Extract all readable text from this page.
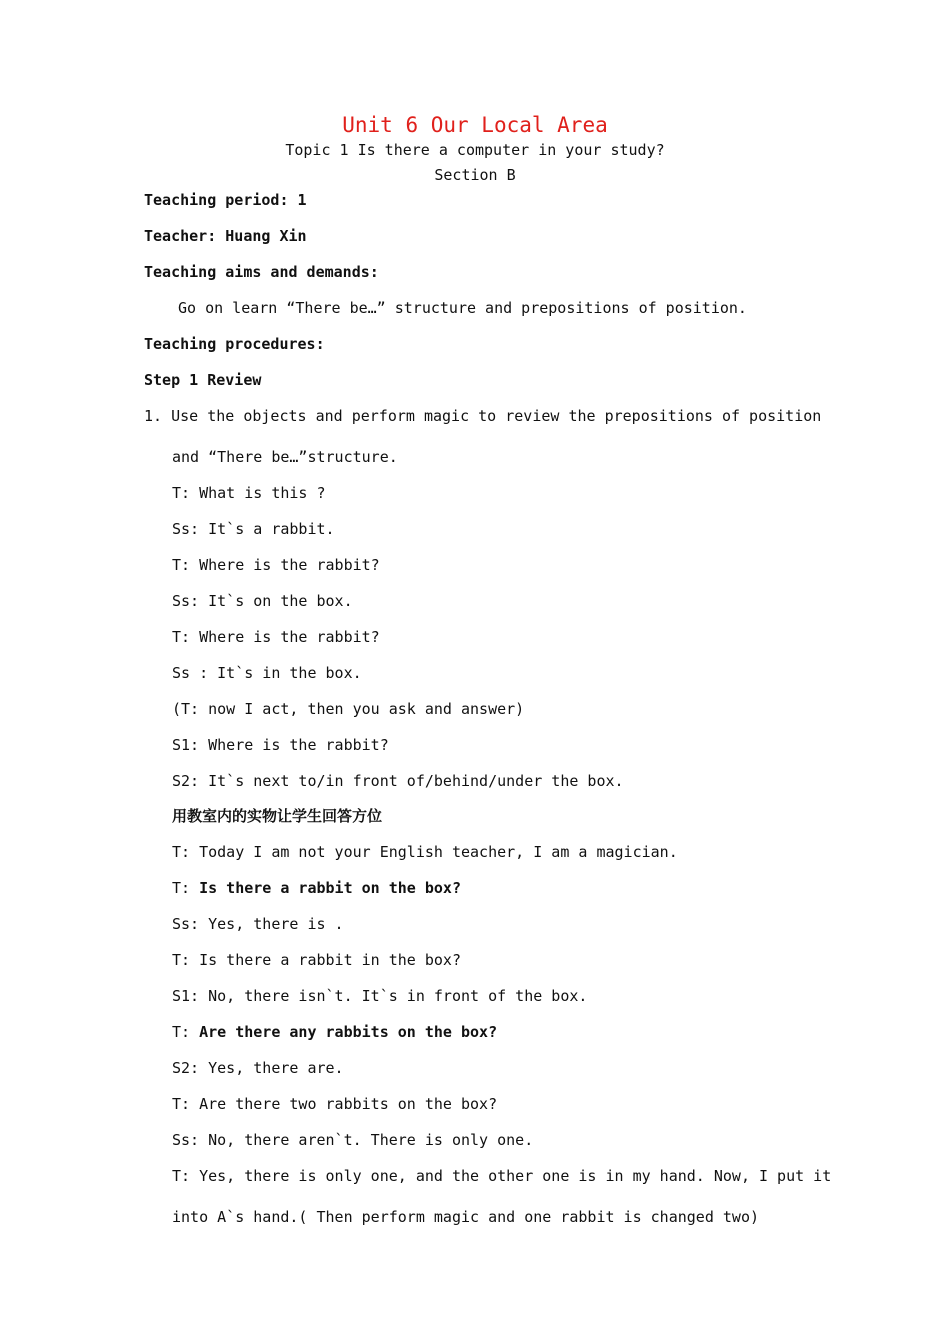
Unit 6 Our Local Area
Topic 1 Is there a computer in your study?
Section B
Teaching period: 1
Teacher: Huang Xin
Teaching aims and demands:
Go on learn “There be…” structure and prepositions of position.
Teaching procedures:
Step 1 Review
1. Use the objects and perform magic to review the prepositions of position
and “There be…”structure.
T: What is this ?
Ss: It`s a rabbit.
T: Where is the rabbit?
Ss: It`s on the box.
T: Where is the rabbit?
Ss : It`s in the box.
(T: now I act, then you ask and answer)
S1: Where is the rabbit?
S2: It`s next to/in front of/behind/under the box.
用教室内的实物让学生回答方位
T: Today I am not your English teacher, I am a magician.
T: Is there a rabbit on the box?
Ss: Yes, there is .
T: Is there a rabbit in the box?
S1: No, there isn`t. It`s in front of the box.
T: Are there any rabbits on the box?
S2: Yes, there are.
T: Are there two rabbits on the box?
Ss: No, there aren`t. There is only one.
T: Yes, there is only one, and the other one is in my hand. Now, I put it
into A`s hand.( Then perform magic and one rabbit is changed two)
